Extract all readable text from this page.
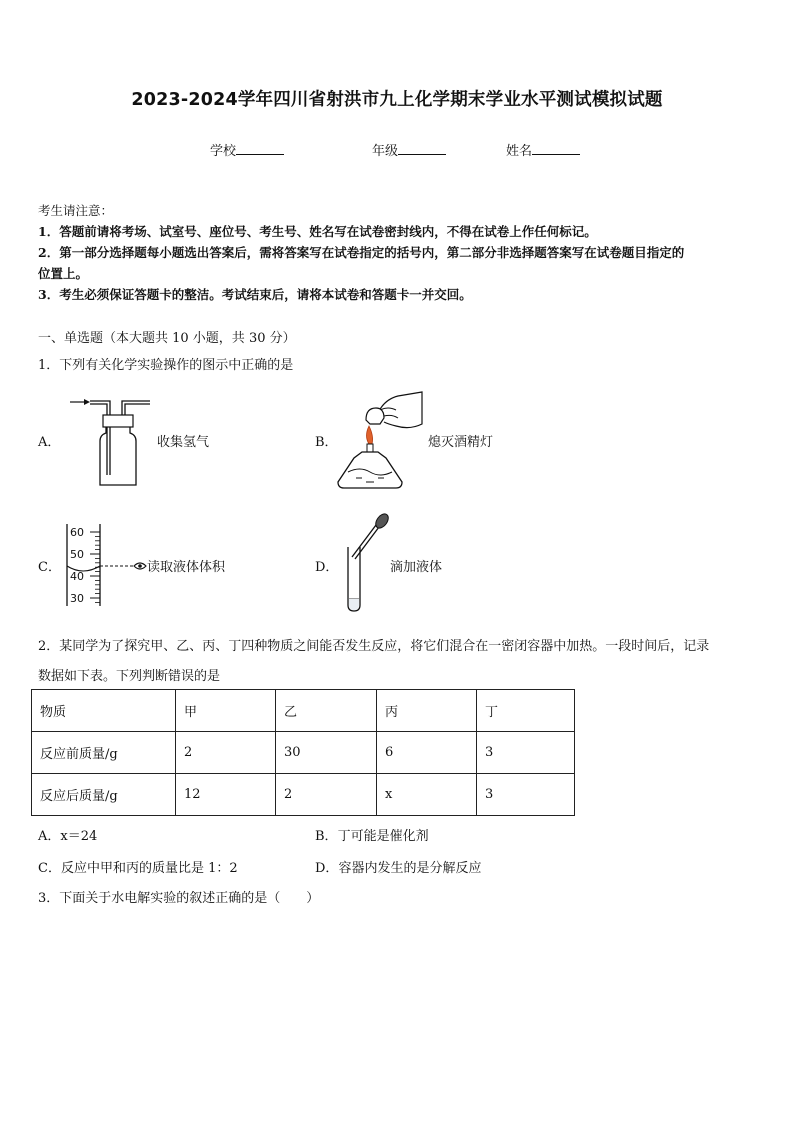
2023-2024学年四川省射洪市九上化学期末学业水平测试模拟试题
学校	年级	姓名
考生请注意：
1．答题前请将考场、试室号、座位号、考生号、姓名写在试卷密封线内，不得在试卷上作任何标记。
2．第一部分选择题每小题选出答案后，需将答案写在试卷指定的括号内，第二部分非选择题答案写在试卷题目指定的
位置上。
3．考生必须保证答题卡的整洁。考试结束后，请将本试卷和答题卡一并交回。
一、单选题（本大题共 10 小题，共 30 分）
1．下列有关化学实验操作的图示中正确的是
A．	收集氢气	B．	熄灭酒精灯
C．
60
50
40
30
读取液体体积	D．	滴加液体
2．某同学为了探究甲、乙、丙、丁四种物质之间能否发生反应，将它们混合在一密闭容器中加热。一段时间后，记录
数据如下表。下列判断错误的是
物质	甲	乙	丙	丁
反应前质量/g	2	30	6	3
反应后质量/g	12	2	x	3
A．x＝24	B．丁可能是催化剂
C．反应中甲和丙的质量比是 1：2	D．容器内发生的是分解反应
3．下面关于水电解实验的叙述正确的是（　　）
